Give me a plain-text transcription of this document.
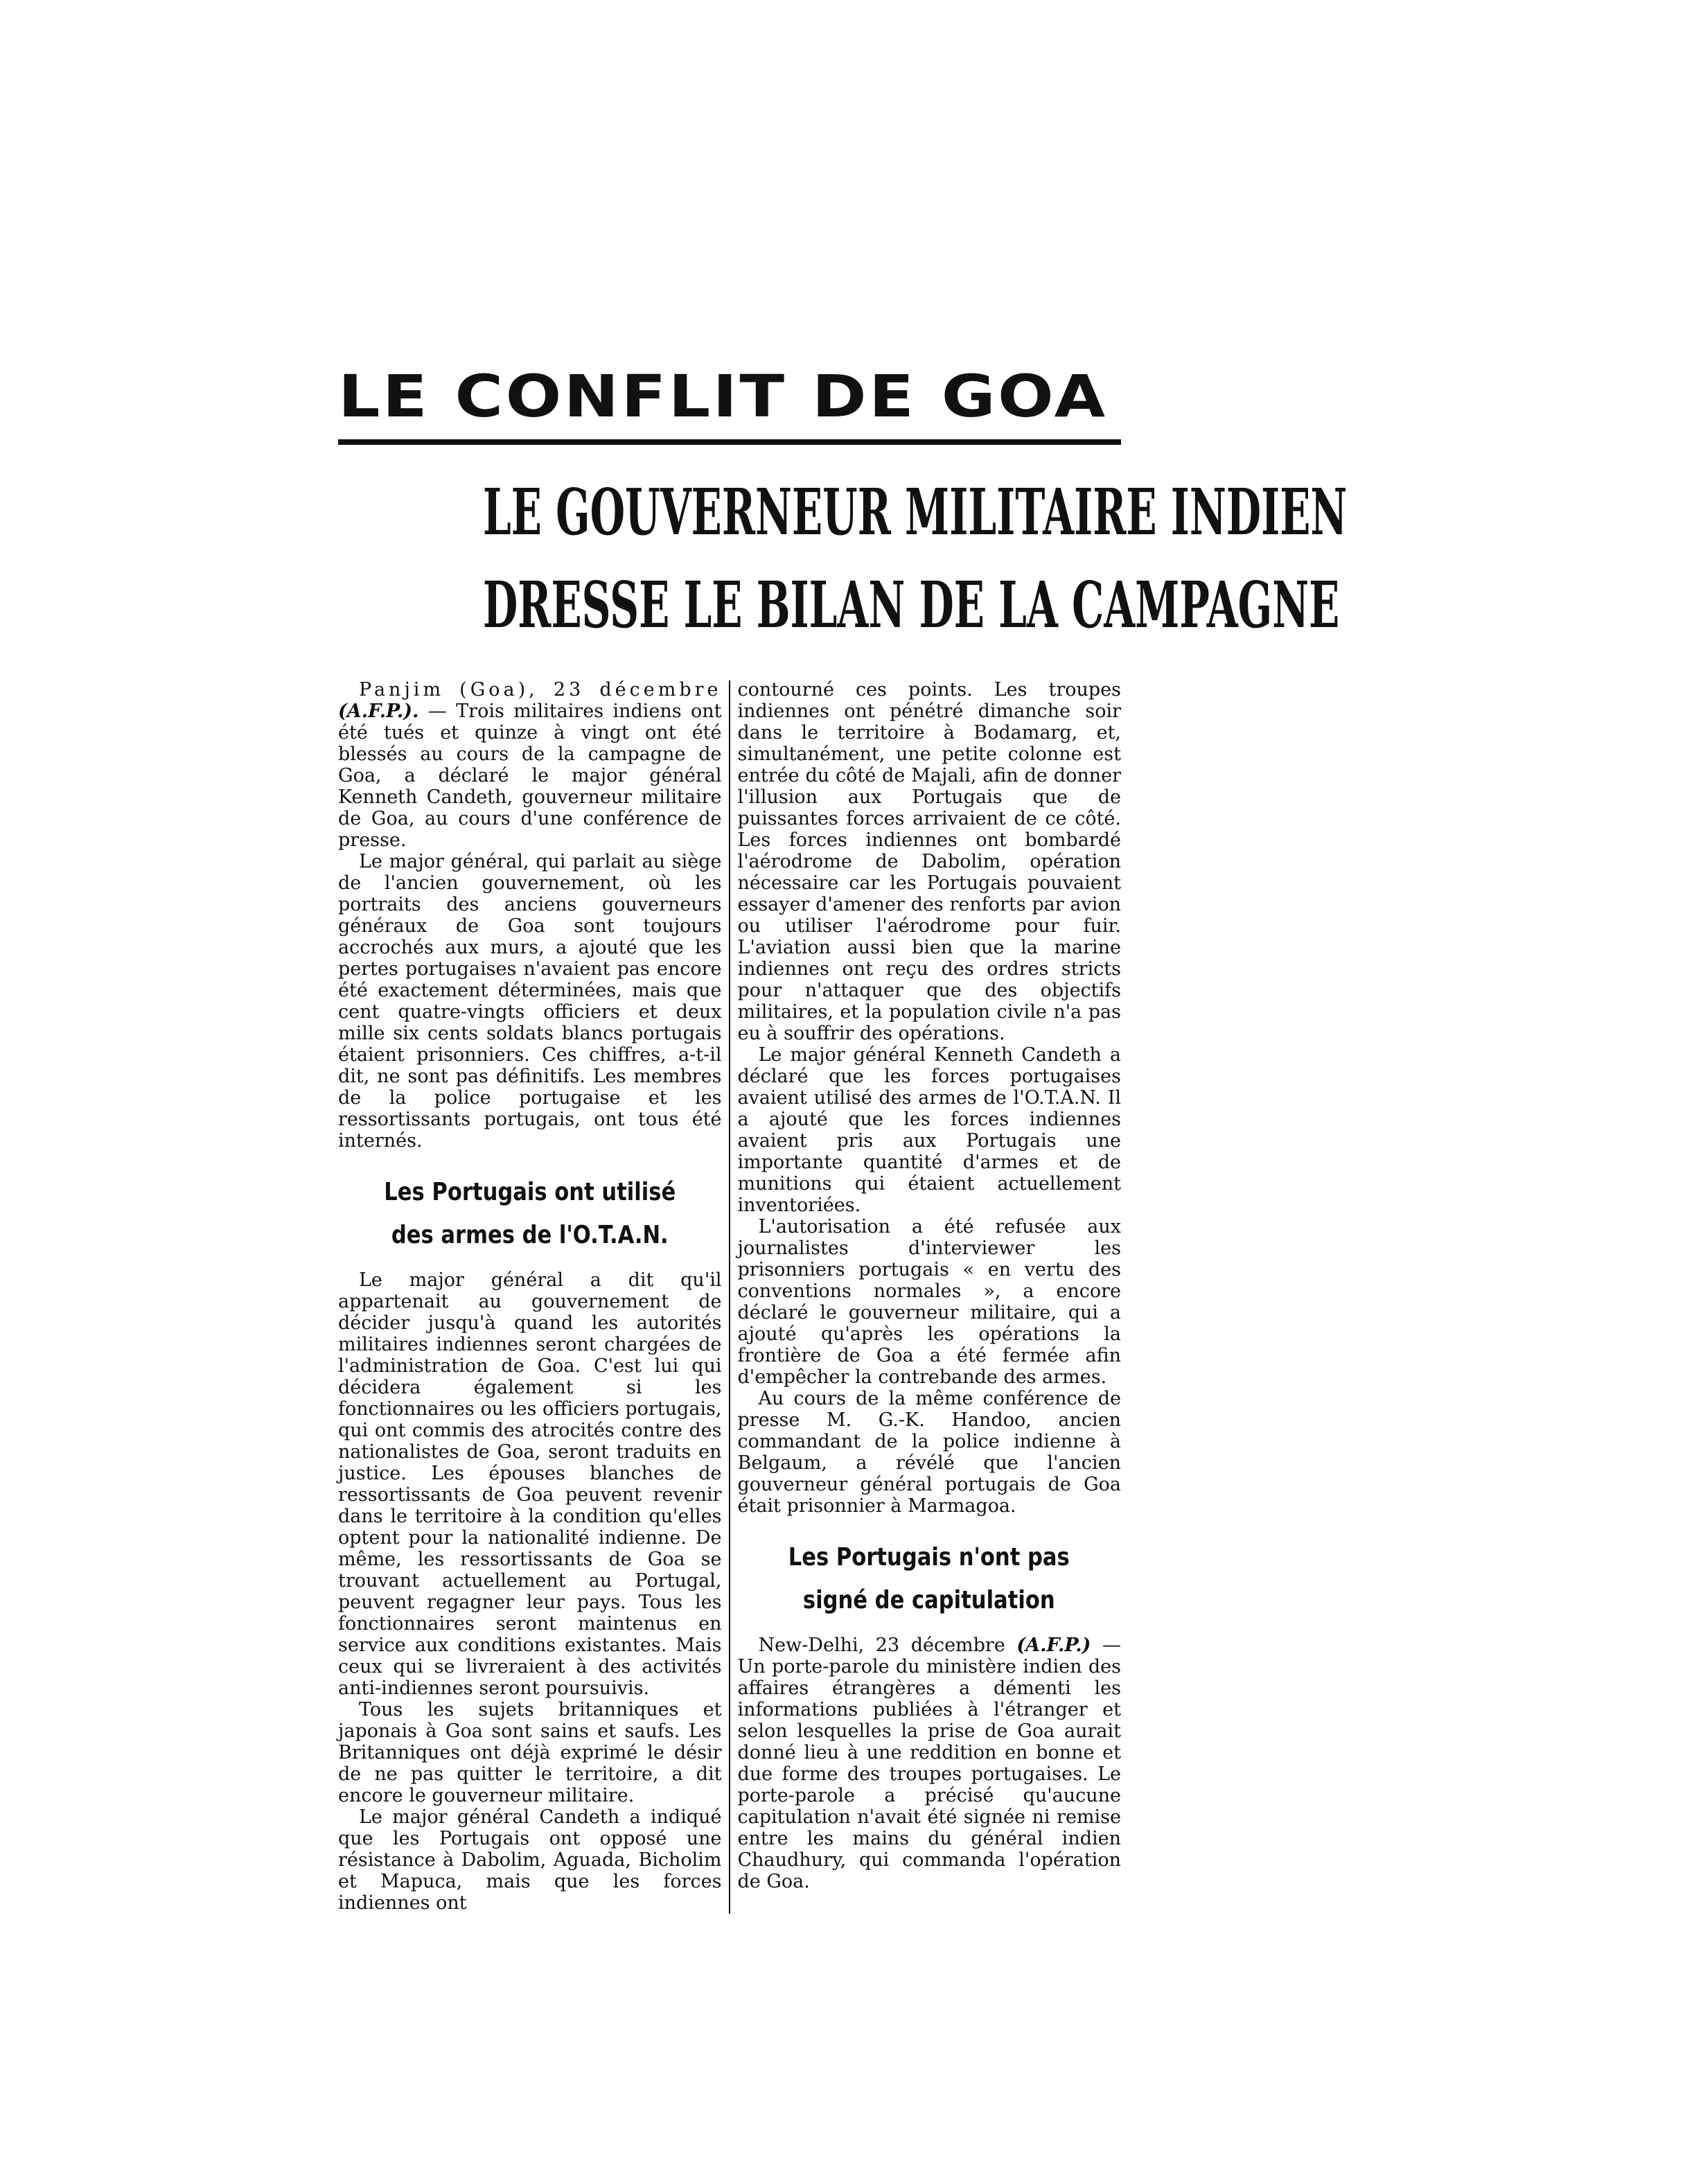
LE CONFLIT DE GOA
LE GOUVERNEUR MILITAIRE INDIEN
DRESSE LE BILAN DE LA CAMPAGNE

Panjim (Goa), 23 décembre (A.F.P.). — Trois militaires indiens ont été tués et quinze à vingt ont été blessés au cours de la campagne de Goa, a déclaré le major général Kenneth Candeth, gouverneur militaire de Goa, au cours d'une conférence de presse.

Le major général, qui parlait au siège de l'ancien gouvernement, où les portraits des anciens gouverneurs généraux de Goa sont toujours accrochés aux murs, a ajouté que les pertes portugaises n'avaient pas encore été exactement déterminées, mais que cent quatre-vingts officiers et deux mille six cents soldats blancs portugais étaient prisonniers. Ces chiffres, a-t-il dit, ne sont pas définitifs. Les membres de la police portugaise et les ressortissants portugais, ont tous été internés.

Les Portugais ont utilisé
des armes de l'O.T.A.N.

Le major général a dit qu'il appartenait au gouvernement de décider jusqu'à quand les autorités militaires indiennes seront chargées de l'administration de Goa. C'est lui qui décidera également si les fonctionnaires ou les officiers portugais, qui ont commis des atrocités contre des nationalistes de Goa, seront traduits en justice. Les épouses blanches de ressortissants de Goa peuvent revenir dans le territoire à la condition qu'elles optent pour la nationalité indienne. De même, les ressortissants de Goa se trouvant actuellement au Portugal, peuvent regagner leur pays. Tous les fonctionnaires seront maintenus en service aux conditions existantes. Mais ceux qui se livreraient à des activités anti-indiennes seront poursuivis.

Tous les sujets britanniques et japonais à Goa sont sains et saufs. Les Britanniques ont déjà exprimé le désir de ne pas quitter le territoire, a dit encore le gouverneur militaire.

Le major général Candeth a indiqué que les Portugais ont opposé une résistance à Dabolim, Aguada, Bicholim et Mapuca, mais que les forces indiennes ont

contourné ces points. Les troupes indiennes ont pénétré dimanche soir dans le territoire à Bodamarg, et, simultanément, une petite colonne est entrée du côté de Majali, afin de donner l'illusion aux Portugais que de puissantes forces arrivaient de ce côté. Les forces indiennes ont bombardé l'aérodrome de Dabolim, opération nécessaire car les Portugais pouvaient essayer d'amener des renforts par avion ou utiliser l'aérodrome pour fuir. L'aviation aussi bien que la marine indiennes ont reçu des ordres stricts pour n'attaquer que des objectifs militaires, et la population civile n'a pas eu à souffrir des opérations.

Le major général Kenneth Candeth a déclaré que les forces portugaises avaient utilisé des armes de l'O.T.A.N. Il a ajouté que les forces indiennes avaient pris aux Portugais une importante quantité d'armes et de munitions qui étaient actuellement inventoriées.

L'autorisation a été refusée aux journalistes d'interviewer les prisonniers portugais « en vertu des conventions normales », a encore déclaré le gouverneur militaire, qui a ajouté qu'après les opérations la frontière de Goa a été fermée afin d'empêcher la contrebande des armes.

Au cours de la même conférence de presse M. G.-K. Handoo, ancien commandant de la police indienne à Belgaum, a révélé que l'ancien gouverneur général portugais de Goa était prisonnier à Marmagoa.

Les Portugais n'ont pas
signé de capitulation

New-Delhi, 23 décembre (A.F.P.) — Un porte-parole du ministère indien des affaires étrangères a démenti les informations publiées à l'étranger et selon lesquelles la prise de Goa aurait donné lieu à une reddition en bonne et due forme des troupes portugaises. Le porte-parole a précisé qu'aucune capitulation n'avait été signée ni remise entre les mains du général indien Chaudhury, qui commanda l'opération de Goa.
